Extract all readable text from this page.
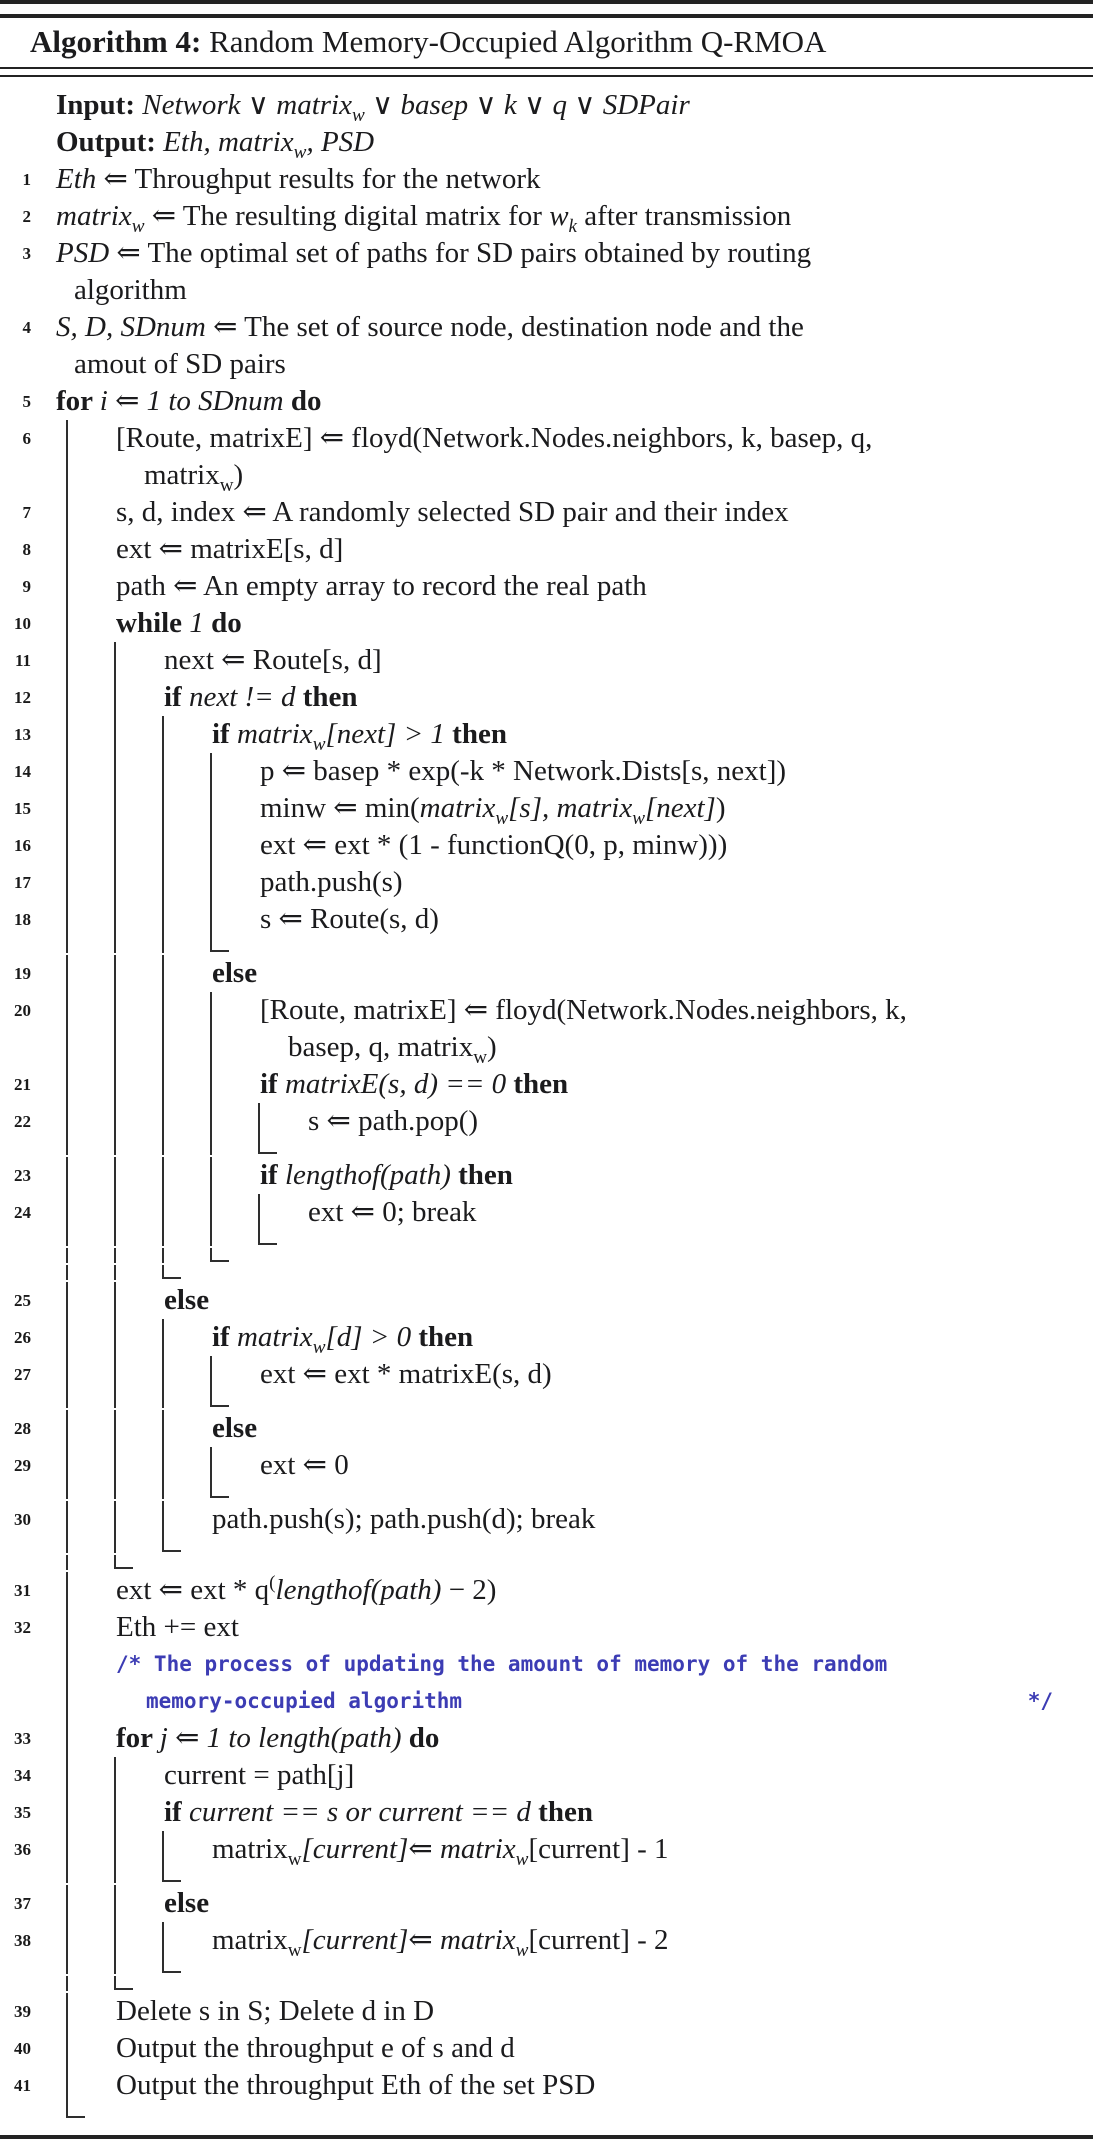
Algorithm 4: Random Memory-Occupied Algorithm Q-RMOA
Input: Network ∨ matrix$_w$ ∨ basep ∨ k ∨ q ∨ SDPair
Output: Eth, matrix$_w$, PSD
1 Eth ⇐ Throughput results for the network
2 matrix$_w$ ⇐ The resulting digital matrix for $w_k$ after transmission
3 PSD ⇐ The optimal set of paths for SD pairs obtained by routing
algorithm
4 S, D, SDnum ⇐ The set of source node, destination node and the
amout of SD pairs
5 for i ⇐ 1 to SDnum do
6	[Route, matrixE] ⇐ floyd(Network.Nodes.neighbors, k, basep, q,
matrix$_w$)
7	s, d, index ⇐ A randomly selected SD pair and their index
8	ext ⇐ matrixE[s, d]
9	path ⇐ An empty array to record the real path
10	while 1 do
11	next ⇐ Route[s, d]
12	if next != d then
13	if matrix$_w$[next] > 1 then
14	p ⇐ basep * exp(-k * Network.Dists[s, next])
15	minw ⇐ min(matrix$_w$[s], matrix$_w$[next])
16	ext ⇐ ext * (1 - functionQ(0, p, minw)))
17	path.push(s)
18	s ⇐ Route(s, d)
19	else
20	[Route, matrixE] ⇐ floyd(Network.Nodes.neighbors, k,
basep, q, matrix$_w$)
21	if matrixE(s, d) == 0 then
22	s ⇐ path.pop()
23	if lengthof(path) then
24	ext ⇐ 0; break
25	else
26	if matrix$_w$[d] > 0 then
27	ext ⇐ ext * matrixE(s, d)
28	else
29	ext ⇐ 0
30	path.push(s); path.push(d); break
31	ext ⇐ ext * q(lengthof(path) − 2)
32	Eth += ext
/* The process of updating the amount of memory of the random
memory-occupied algorithm	*/
33	for j ⇐ 1 to length(path) do
34	current = path[j]
35	if current == s or current == d then
36	matrix$_w$[current]⇐ matrix$_w$[current] - 1
37	else
38	matrix$_w$[current]⇐ matrix$_w$[current] - 2
39	Delete s in S; Delete d in D
40	Output the throughput e of s and d
41	Output the throughput Eth of the set PSD
